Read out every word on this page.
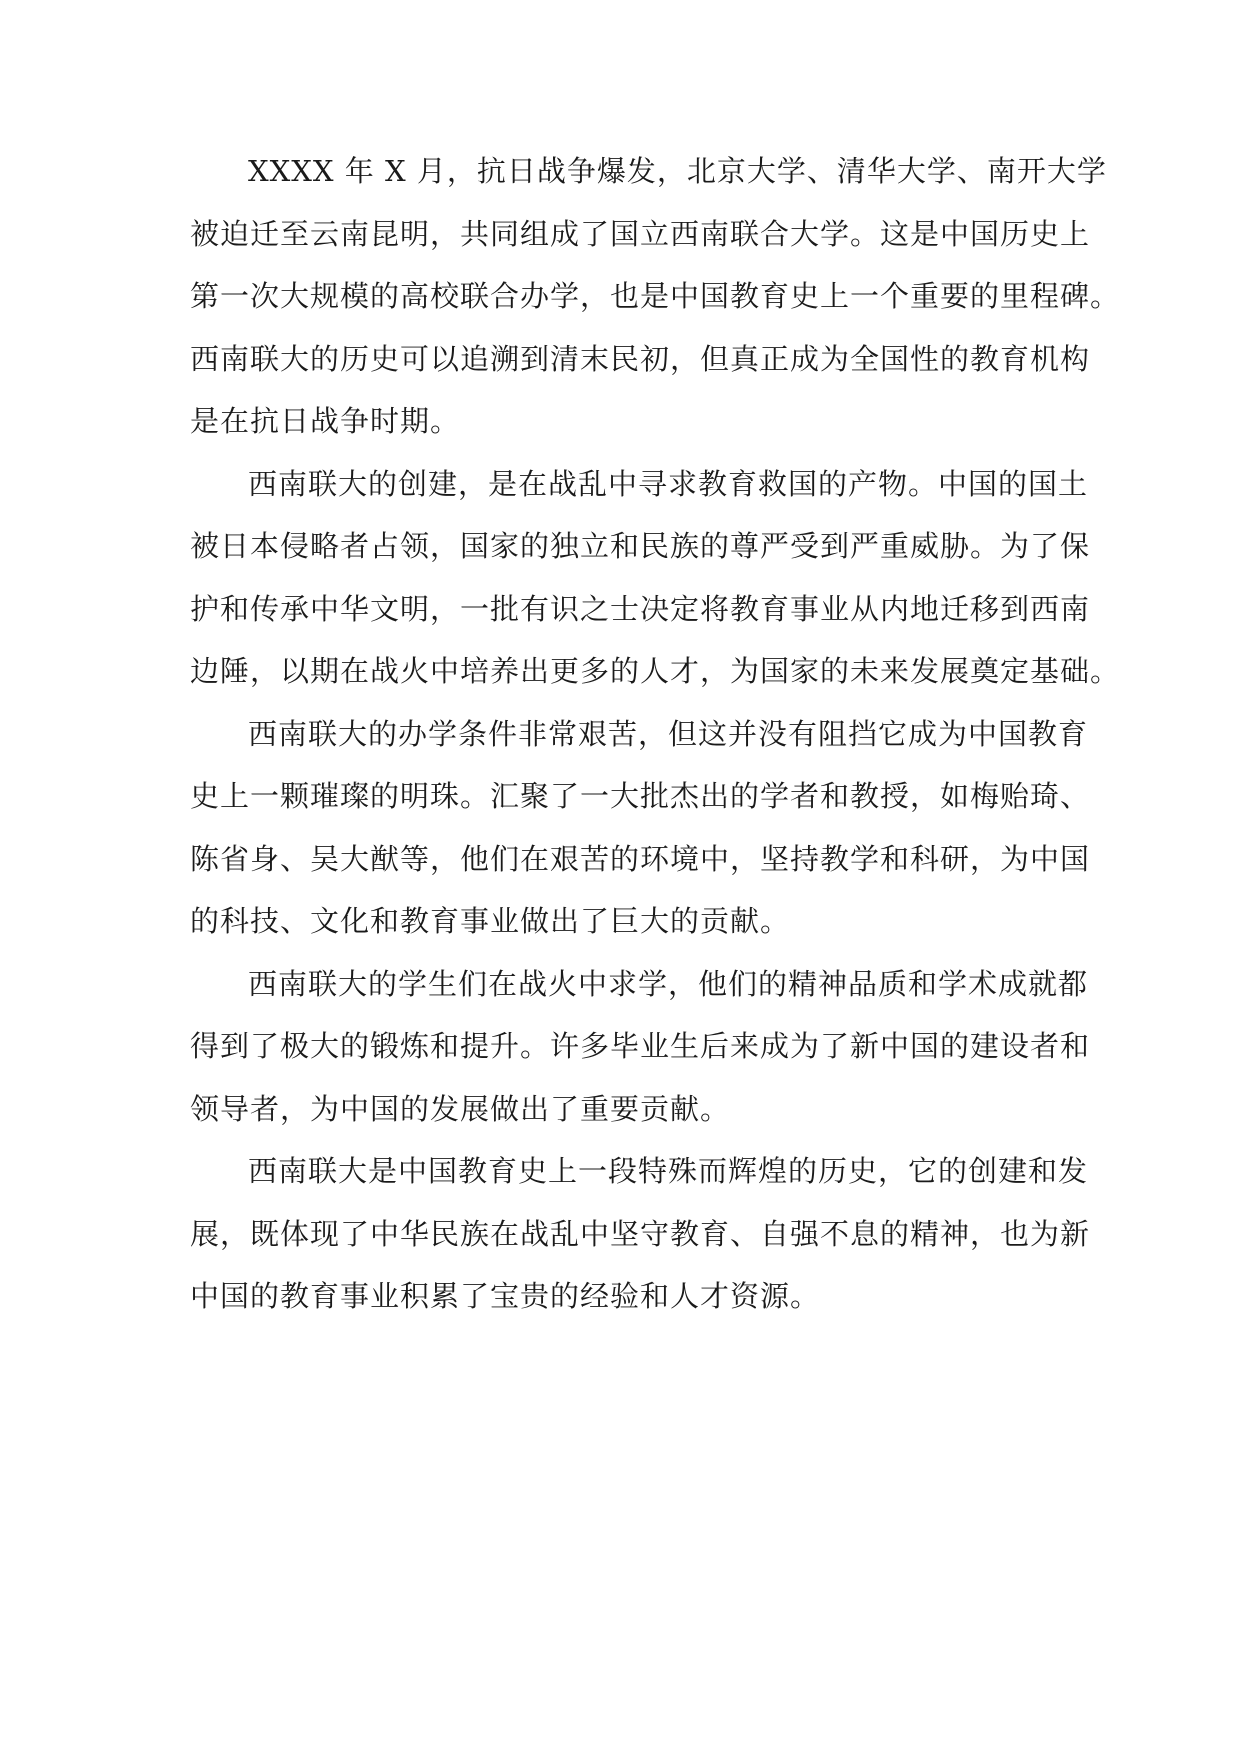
XXXX 年 X 月，抗日战争爆发，北京大学、清华大学、南开大学
被迫迁至云南昆明，共同组成了国立西南联合大学。这是中国历史上
第一次大规模的高校联合办学，也是中国教育史上一个重要的里程碑。
西南联大的历史可以追溯到清末民初，但真正成为全国性的教育机构
是在抗日战争时期。
西南联大的创建，是在战乱中寻求教育救国的产物。中国的国土
被日本侵略者占领，国家的独立和民族的尊严受到严重威胁。为了保
护和传承中华文明，一批有识之士决定将教育事业从内地迁移到西南
边陲，以期在战火中培养出更多的人才，为国家的未来发展奠定基础。
西南联大的办学条件非常艰苦，但这并没有阻挡它成为中国教育
史上一颗璀璨的明珠。汇聚了一大批杰出的学者和教授，如梅贻琦、
陈省身、吴大猷等，他们在艰苦的环境中，坚持教学和科研，为中国
的科技、文化和教育事业做出了巨大的贡献。
西南联大的学生们在战火中求学，他们的精神品质和学术成就都
得到了极大的锻炼和提升。许多毕业生后来成为了新中国的建设者和
领导者，为中国的发展做出了重要贡献。
西南联大是中国教育史上一段特殊而辉煌的历史，它的创建和发
展，既体现了中华民族在战乱中坚守教育、自强不息的精神，也为新
中国的教育事业积累了宝贵的经验和人才资源。
